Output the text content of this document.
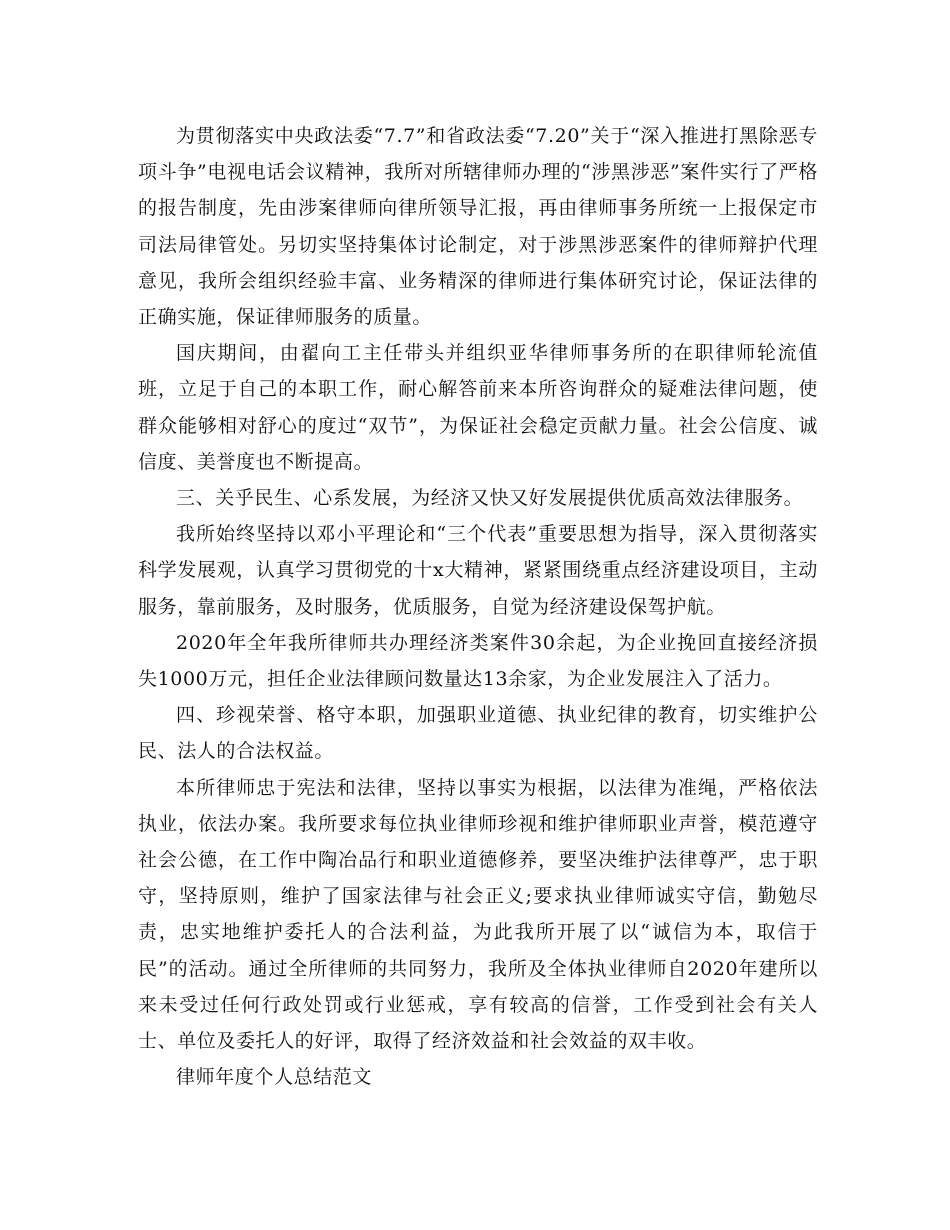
为贯彻落实中央政法委“7.7”和省政法委“7.20”关于“深入推进打黑除恶专项斗争”电视电话会议精神，我所对所辖律师办理的“涉黑涉恶”案件实行了严格的报告制度，先由涉案律师向律所领导汇报，再由律师事务所统一上报保定市司法局律管处。另切实坚持集体讨论制定，对于涉黑涉恶案件的律师辩护代理意见，我所会组织经验丰富、业务精深的律师进行集体研究讨论，保证法律的正确实施，保证律师服务的质量。

国庆期间，由翟向工主任带头并组织亚华律师事务所的在职律师轮流值班，立足于自己的本职工作，耐心解答前来本所咨询群众的疑难法律问题，使群众能够相对舒心的度过“双节”，为保证社会稳定贡献力量。社会公信度、诚信度、美誉度也不断提高。

三、关乎民生、心系发展，为经济又快又好发展提供优质高效法律服务。

我所始终坚持以邓小平理论和“三个代表”重要思想为指导，深入贯彻落实科学发展观，认真学习贯彻党的十x大精神，紧紧围绕重点经济建设项目，主动服务，靠前服务，及时服务，优质服务，自觉为经济建设保驾护航。

2020年全年我所律师共办理经济类案件30余起，为企业挽回直接经济损失1000万元，担任企业法律顾问数量达13余家，为企业发展注入了活力。

四、珍视荣誉、格守本职，加强职业道德、执业纪律的教育，切实维护公民、法人的合法权益。

本所律师忠于宪法和法律，坚持以事实为根据，以法律为准绳，严格依法执业，依法办案。我所要求每位执业律师珍视和维护律师职业声誉，模范遵守社会公德，在工作中陶冶品行和职业道德修养，要坚决维护法律尊严，忠于职守，坚持原则，维护了国家法律与社会正义;要求执业律师诚实守信，勤勉尽责，忠实地维护委托人的合法利益，为此我所开展了以“诚信为本，取信于民”的活动。通过全所律师的共同努力，我所及全体执业律师自2020年建所以来未受过任何行政处罚或行业惩戒，享有较高的信誉，工作受到社会有关人士、单位及委托人的好评，取得了经济效益和社会效益的双丰收。

律师年度个人总结范文
